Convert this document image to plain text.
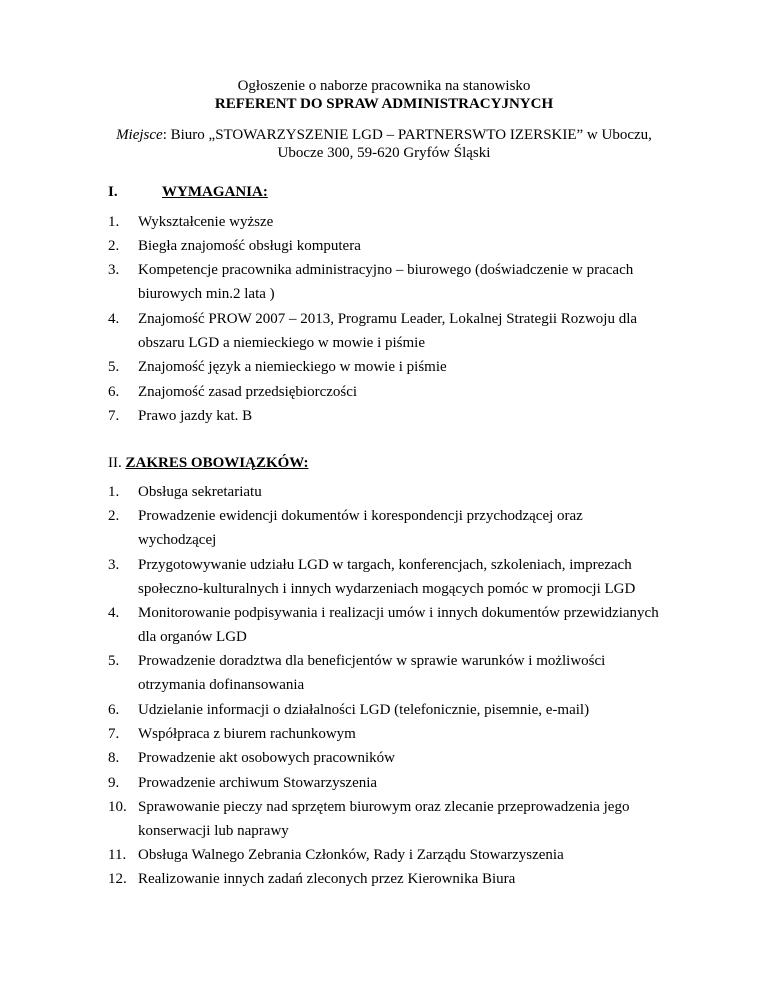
Ogłoszenie o naborze pracownika na stanowisko
REFERENT DO SPRAW ADMINISTRACYJNYCH
Miejsce: Biuro „STOWARZYSZENIE LGD – PARTNERSWTO IZERSKIE” w Uboczu,
Ubocze 300, 59-620 Gryfów Śląski
I.	WYMAGANIA:
1. Wykształcenie wyższe
2. Biegła znajomość obsługi komputera
3. Kompetencje pracownika administracyjno – biurowego (doświadczenie w pracach
biurowych min.2 lata )
4. Znajomość PROW 2007 – 2013, Programu Leader, Lokalnej Strategii Rozwoju dla
obszaru LGD a niemieckiego w mowie i piśmie
5. Znajomość język a niemieckiego w mowie i piśmie
6. Znajomość zasad przedsiębiorczości
7. Prawo jazdy kat. B
II. ZAKRES OBOWIĄZKÓW:
1. Obsługa sekretariatu
2. Prowadzenie ewidencji dokumentów i korespondencji przychodzącej oraz
wychodzącej
3. Przygotowywanie udziału LGD w targach, konferencjach, szkoleniach, imprezach
społeczno-kulturalnych i innych wydarzeniach mogących pomóc w promocji LGD
4. Monitorowanie podpisywania i realizacji umów i innych dokumentów przewidzianych
dla organów LGD
5. Prowadzenie doradztwa dla beneficjentów w sprawie warunków i możliwości
otrzymania dofinansowania
6. Udzielanie informacji o działalności LGD (telefonicznie, pisemnie, e-mail)
7. Współpraca z biurem rachunkowym
8. Prowadzenie akt osobowych pracowników
9. Prowadzenie archiwum Stowarzyszenia
10. Sprawowanie pieczy nad sprzętem biurowym oraz zlecanie przeprowadzenia jego
konserwacji lub naprawy
11. Obsługa Walnego Zebrania Członków, Rady i Zarządu Stowarzyszenia
12. Realizowanie innych zadań zleconych przez Kierownika Biura
